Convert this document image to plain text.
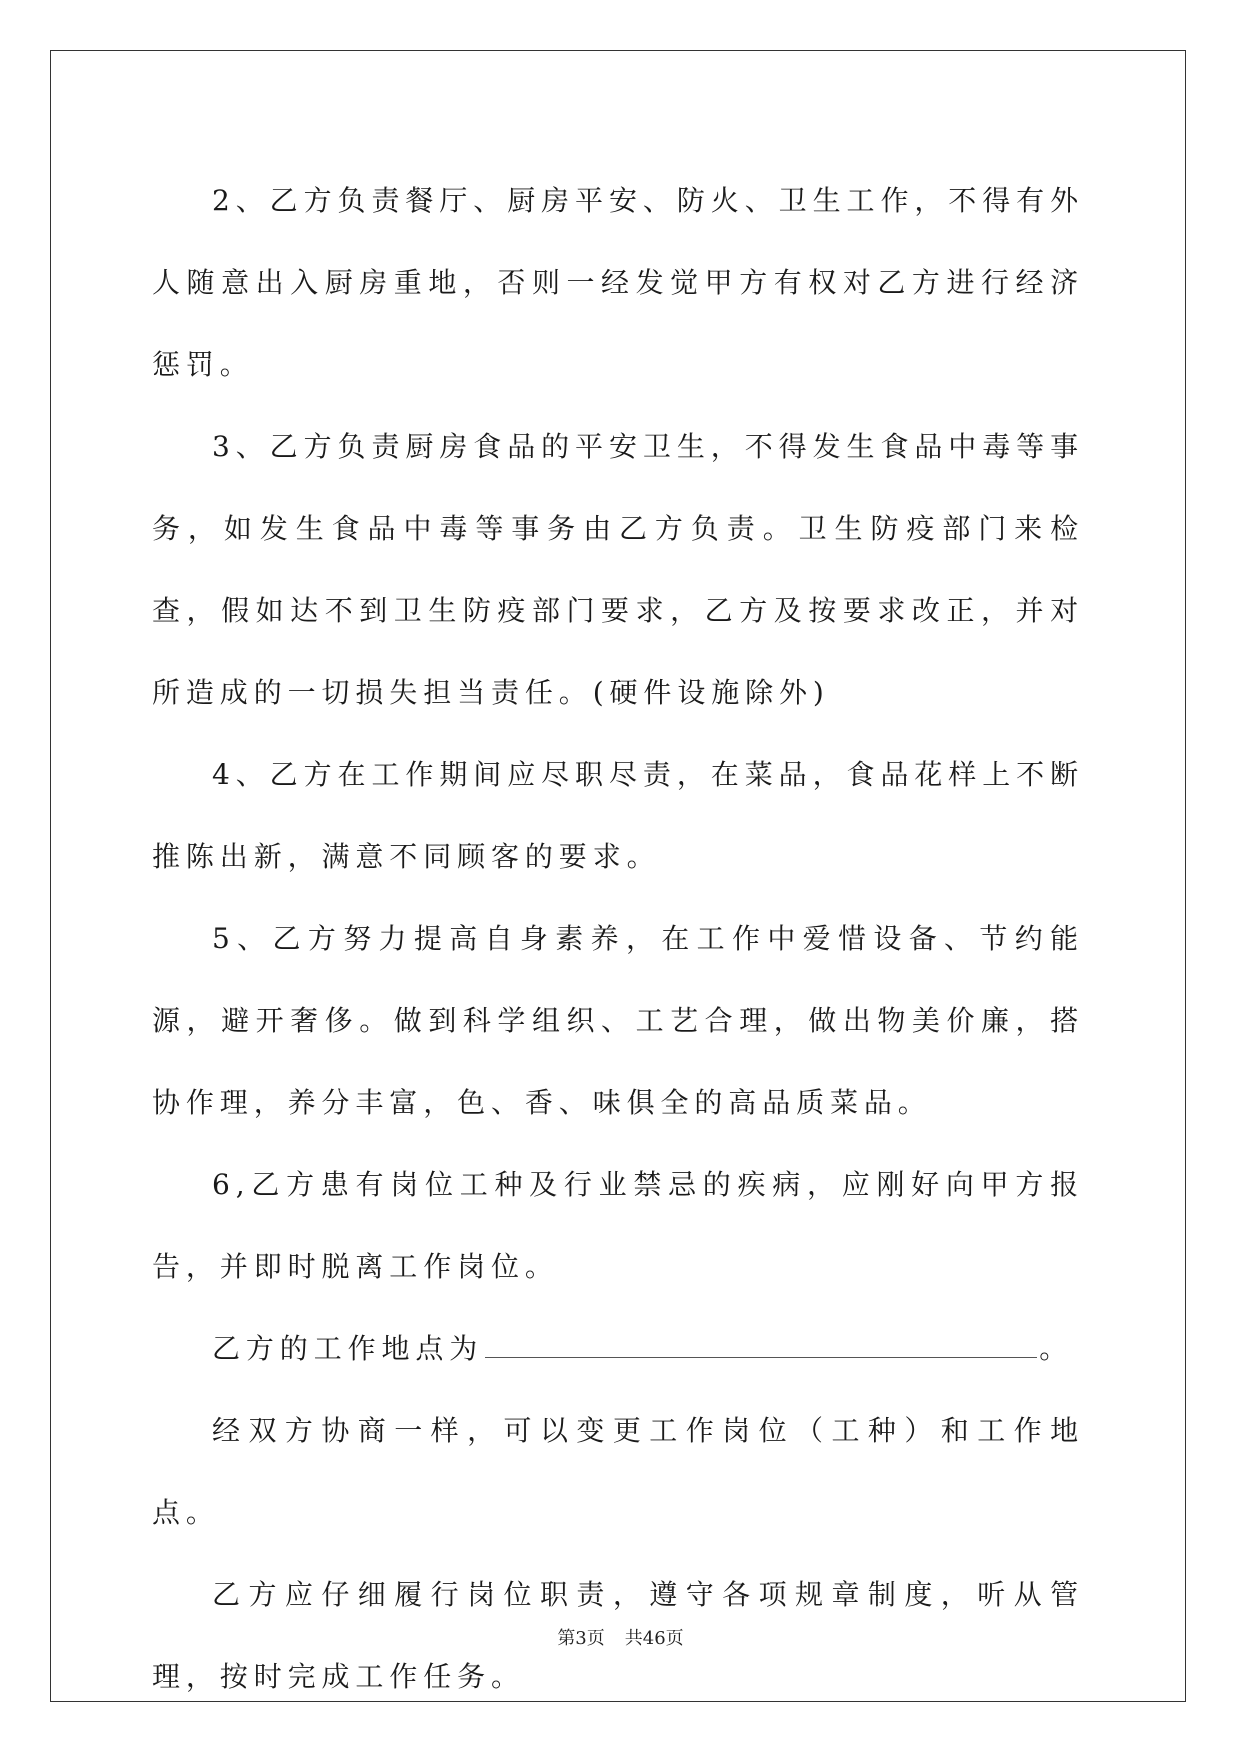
2、乙方负责餐厅、厨房平安、防火、卫生工作，不得有外人随意出入厨房重地，否则一经发觉甲方有权对乙方进行经济惩罚。

3、乙方负责厨房食品的平安卫生，不得发生食品中毒等事务，如发生食品中毒等事务由乙方负责。卫生防疫部门来检查，假如达不到卫生防疫部门要求，乙方及按要求改正，并对所造成的一切损失担当责任。(硬件设施除外)

4、乙方在工作期间应尽职尽责，在菜品，食品花样上不断推陈出新，满意不同顾客的要求。

5、乙方努力提高自身素养，在工作中爱惜设备、节约能源，避开奢侈。做到科学组织、工艺合理，做出物美价廉，搭协作理，养分丰富，色、香、味俱全的高品质菜品。

6,乙方患有岗位工种及行业禁忌的疾病，应刚好向甲方报告，并即时脱离工作岗位。

乙方的工作地点为	。

经双方协商一样，可以变更工作岗位（工种）和工作地点。

乙方应仔细履行岗位职责，遵守各项规章制度，听从管理，按时完成工作任务。

第3页 共46页
